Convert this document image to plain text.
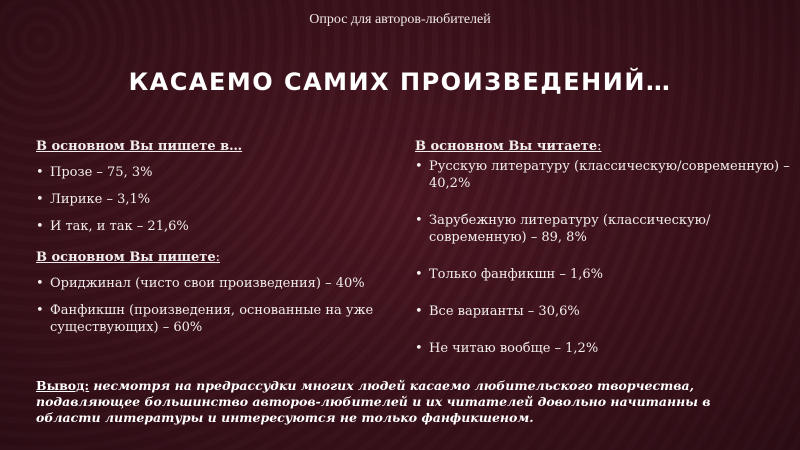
Опрос для авторов-любителей
КАСАЕМО САМИХ ПРОИЗВЕДЕНИЙ…

В основном Вы пишете в…

• Прозе – 75, 3%
• Лирике – 3,1%
• И так, и так – 21,6%

В основном Вы пишете:

• Ориджинал (чисто свои произведения) – 40%
• Фанфикшн (произведения, основанные на уже существующих) – 60%

В основном Вы читаете:

• Русскую литературу (классическую/современную) – 40,2%
• Зарубежную литературу (классическую/современную) – 89, 8%
• Только фанфикшн – 1,6%
• Все варианты – 30,6%
• Не читаю вообще – 1,2%
Вывод: несмотря на предрассудки многих людей касаемо любительского творчества, подавляющее большинство авторов-любителей и их читателей довольно начитанны в области литературы и интересуются не только фанфикшеном.
